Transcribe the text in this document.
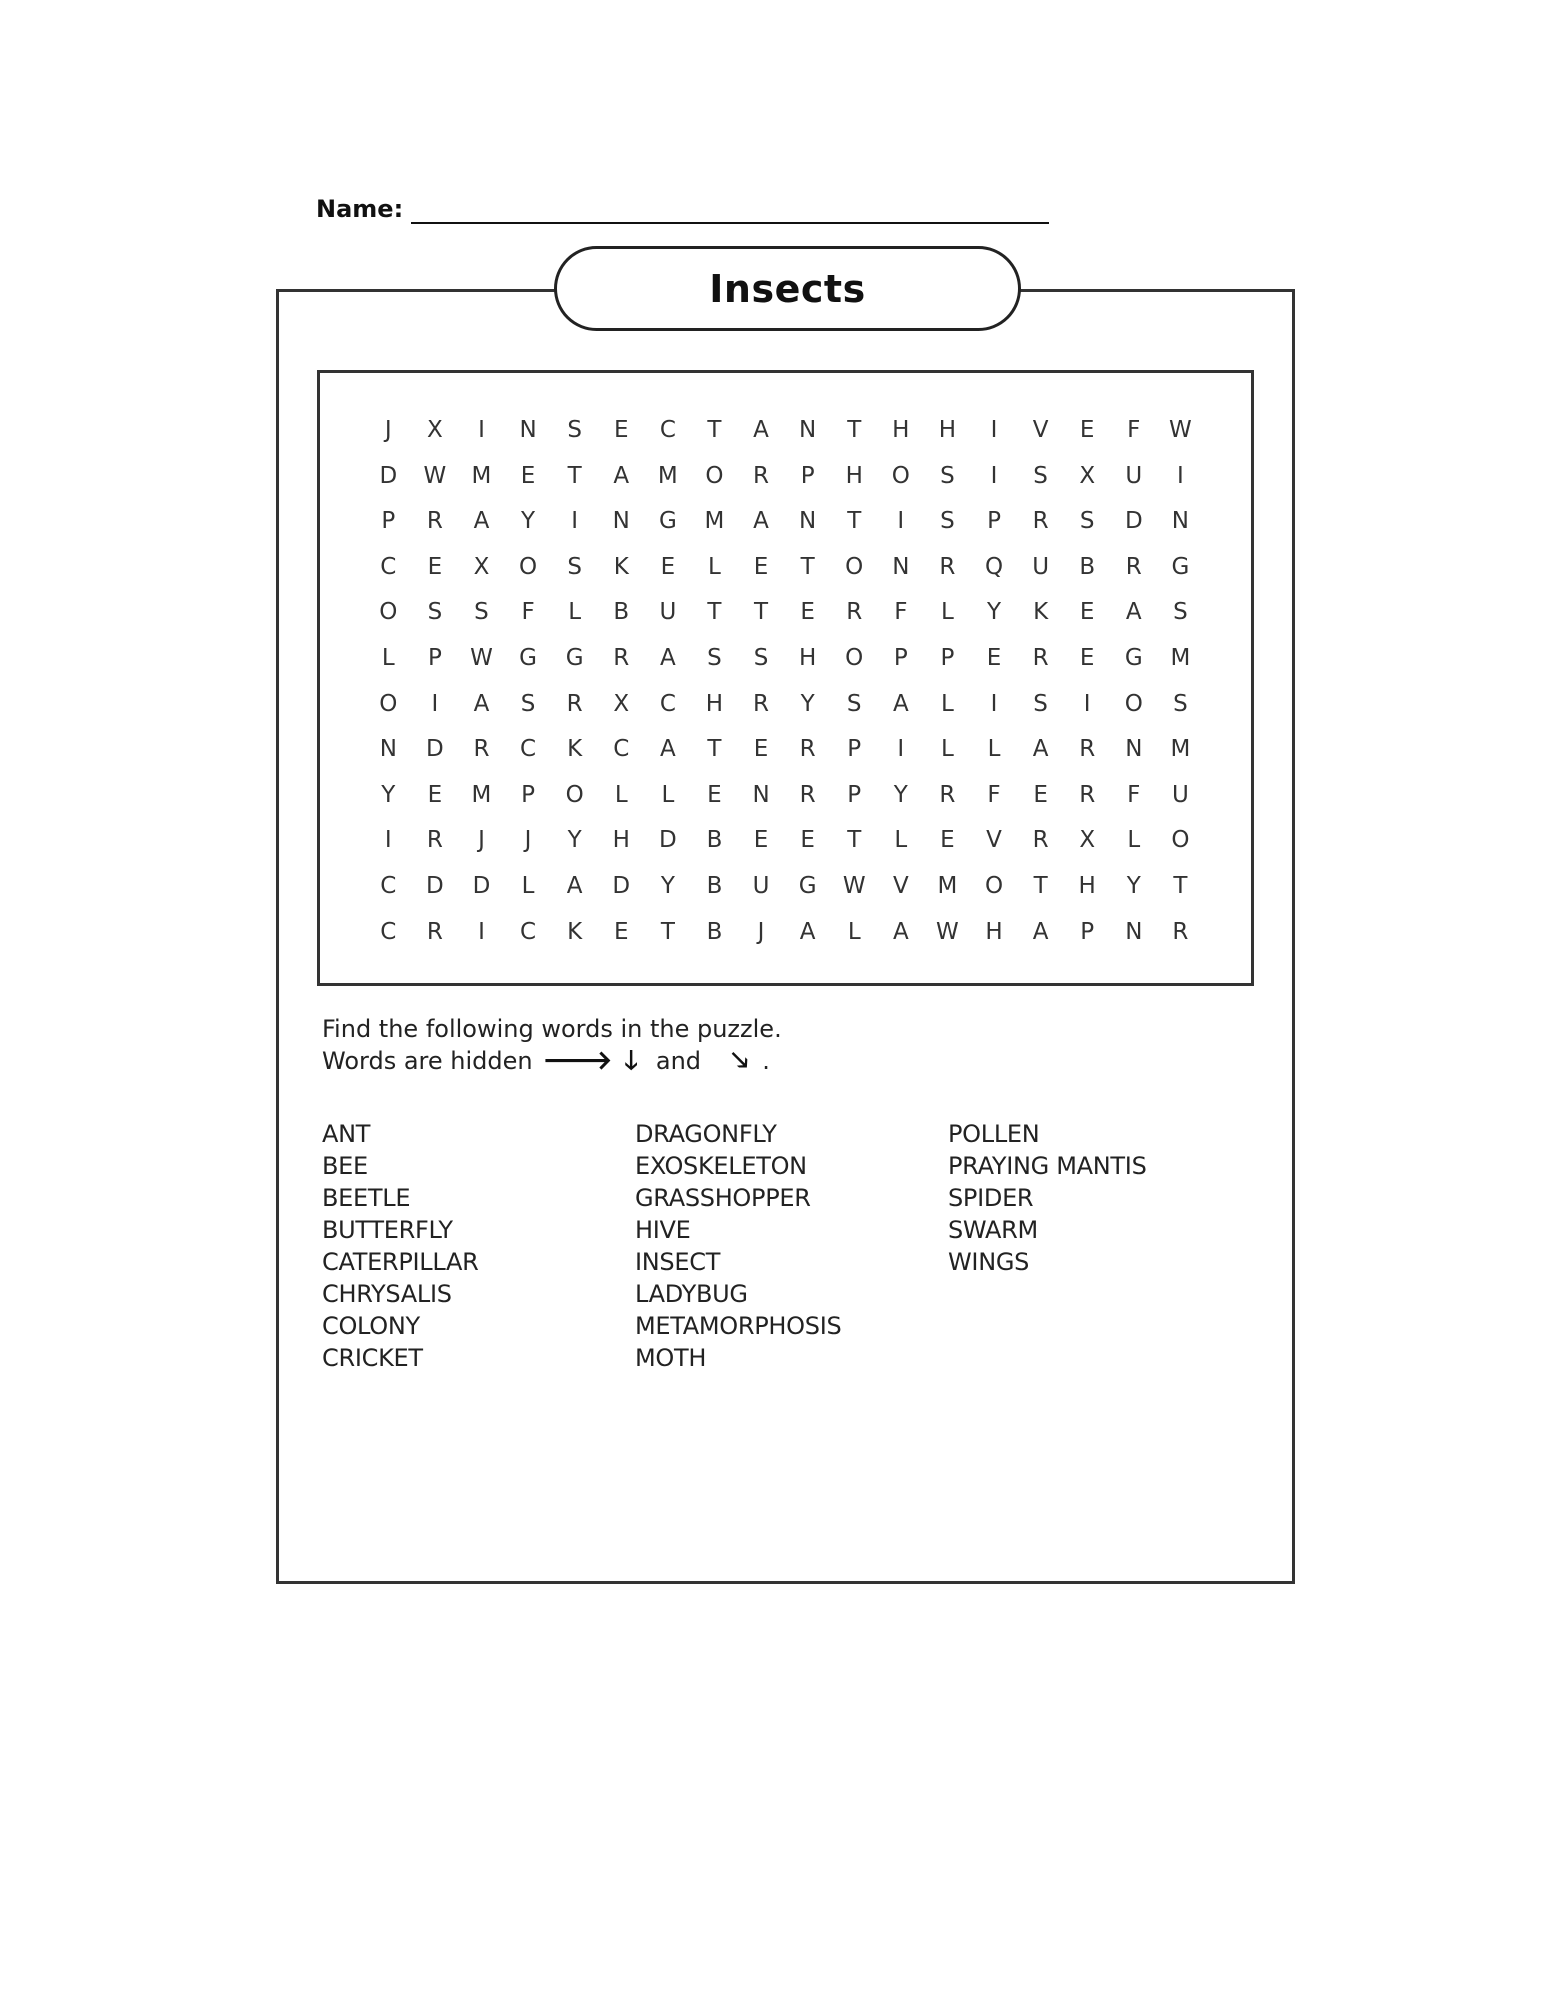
Name:
Insects
J	X	I	N	S	E	C	T	A	N	T	H	H	I	V	E	F	W
D	W	M	E	T	A	M	O	R	P	H	O	S	I	S	X	U	I
P	R	A	Y	I	N	G	M	A	N	T	I	S	P	R	S	D	N
C	E	X	O	S	K	E	L	E	T	O	N	R	Q	U	B	R	G
O	S	S	F	L	B	U	T	T	E	R	F	L	Y	K	E	A	S
L	P	W	G	G	R	A	S	S	H	O	P	P	E	R	E	G	M
O	I	A	S	R	X	C	H	R	Y	S	A	L	I	S	I	O	S
N	D	R	C	K	C	A	T	E	R	P	I	L	L	A	R	N	M
Y	E	M	P	O	L	L	E	N	R	P	Y	R	F	E	R	F	U
I	R	J	J	Y	H	D	B	E	E	T	L	E	V	R	X	L	O
C	D	D	L	A	D	Y	B	U	G	W	V	M	O	T	H	Y	T
C	R	I	C	K	E	T	B	J	A	L	A	W	H	A	P	N	R
Find the following words in the puzzle.
Words are hidden 🡒 🡓 and 🡖 .
ANT
BEE
BEETLE
BUTTERFLY
CATERPILLAR
CHRYSALIS
COLONY
CRICKET
DRAGONFLY
EXOSKELETON
GRASSHOPPER
HIVE
INSECT
LADYBUG
METAMORPHOSIS
MOTH
POLLEN
PRAYING MANTIS
SPIDER
SWARM
WINGS
